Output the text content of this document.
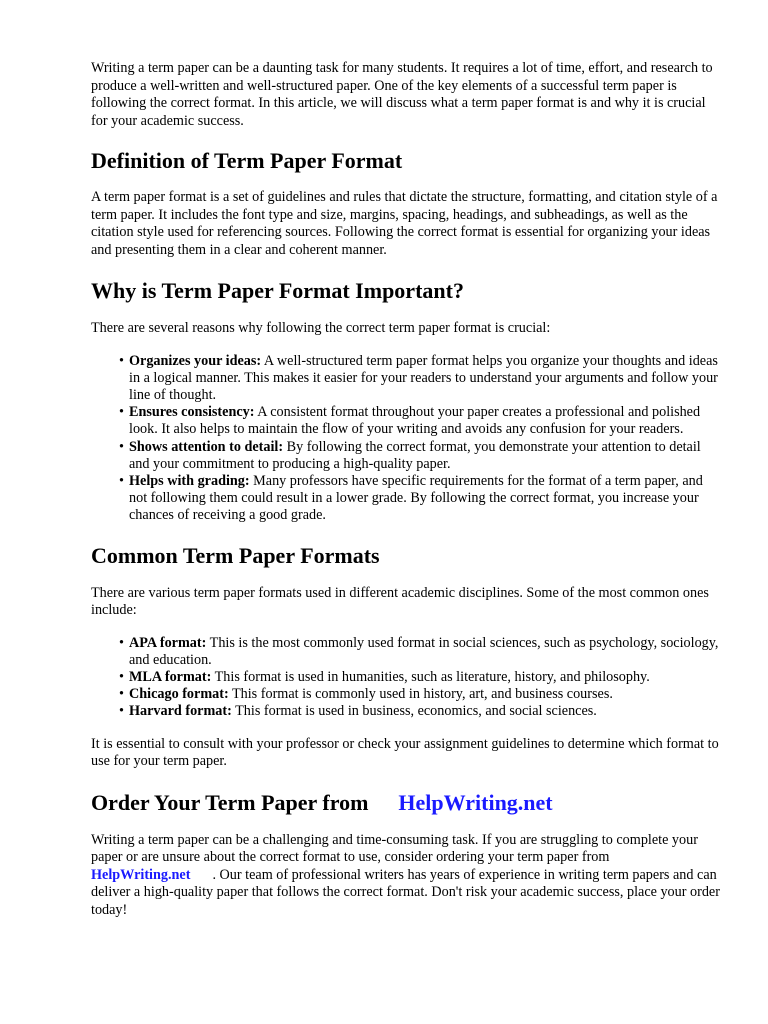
Writing a term paper can be a daunting task for many students. It requires a lot of time, effort, and research to produce a well-written and well-structured paper. One of the key elements of a successful term paper is following the correct format. In this article, we will discuss what a term paper format is and why it is crucial for your academic success.

Definition of Term Paper Format

A term paper format is a set of guidelines and rules that dictate the structure, formatting, and citation style of a term paper. It includes the font type and size, margins, spacing, headings, and subheadings, as well as the citation style used for referencing sources. Following the correct format is essential for organizing your ideas and presenting them in a clear and coherent manner.

Why is Term Paper Format Important?

There are several reasons why following the correct term paper format is crucial:

• Organizes your ideas: A well-structured term paper format helps you organize your thoughts and ideas in a logical manner. This makes it easier for your readers to understand your arguments and follow your line of thought.
• Ensures consistency: A consistent format throughout your paper creates a professional and polished look. It also helps to maintain the flow of your writing and avoids any confusion for your readers.
• Shows attention to detail: By following the correct format, you demonstrate your attention to detail and your commitment to producing a high-quality paper.
• Helps with grading: Many professors have specific requirements for the format of a term paper, and not following them could result in a lower grade. By following the correct format, you increase your chances of receiving a good grade.
Common Term Paper Formats

There are various term paper formats used in different academic disciplines. Some of the most common ones include:

• APA format: This is the most commonly used format in social sciences, such as psychology, sociology, and education.
• MLA format: This format is used in humanities, such as literature, history, and philosophy.
• Chicago format: This format is commonly used in history, art, and business courses.
• Harvard format: This format is used in business, economics, and social sciences.

It is essential to consult with your professor or check your assignment guidelines to determine which format to use for your term paper.

Order Your Term Paper from HelpWriting.net

Writing a term paper can be a challenging and time-consuming task. If you are struggling to complete your paper or are unsure about the correct format to use, consider ordering your term paper fromHelpWriting.net . Our team of professional writers has years of experience in writing term papers and can deliver a high-quality paper that follows the correct format. Don't risk your academic success, place your order today!
